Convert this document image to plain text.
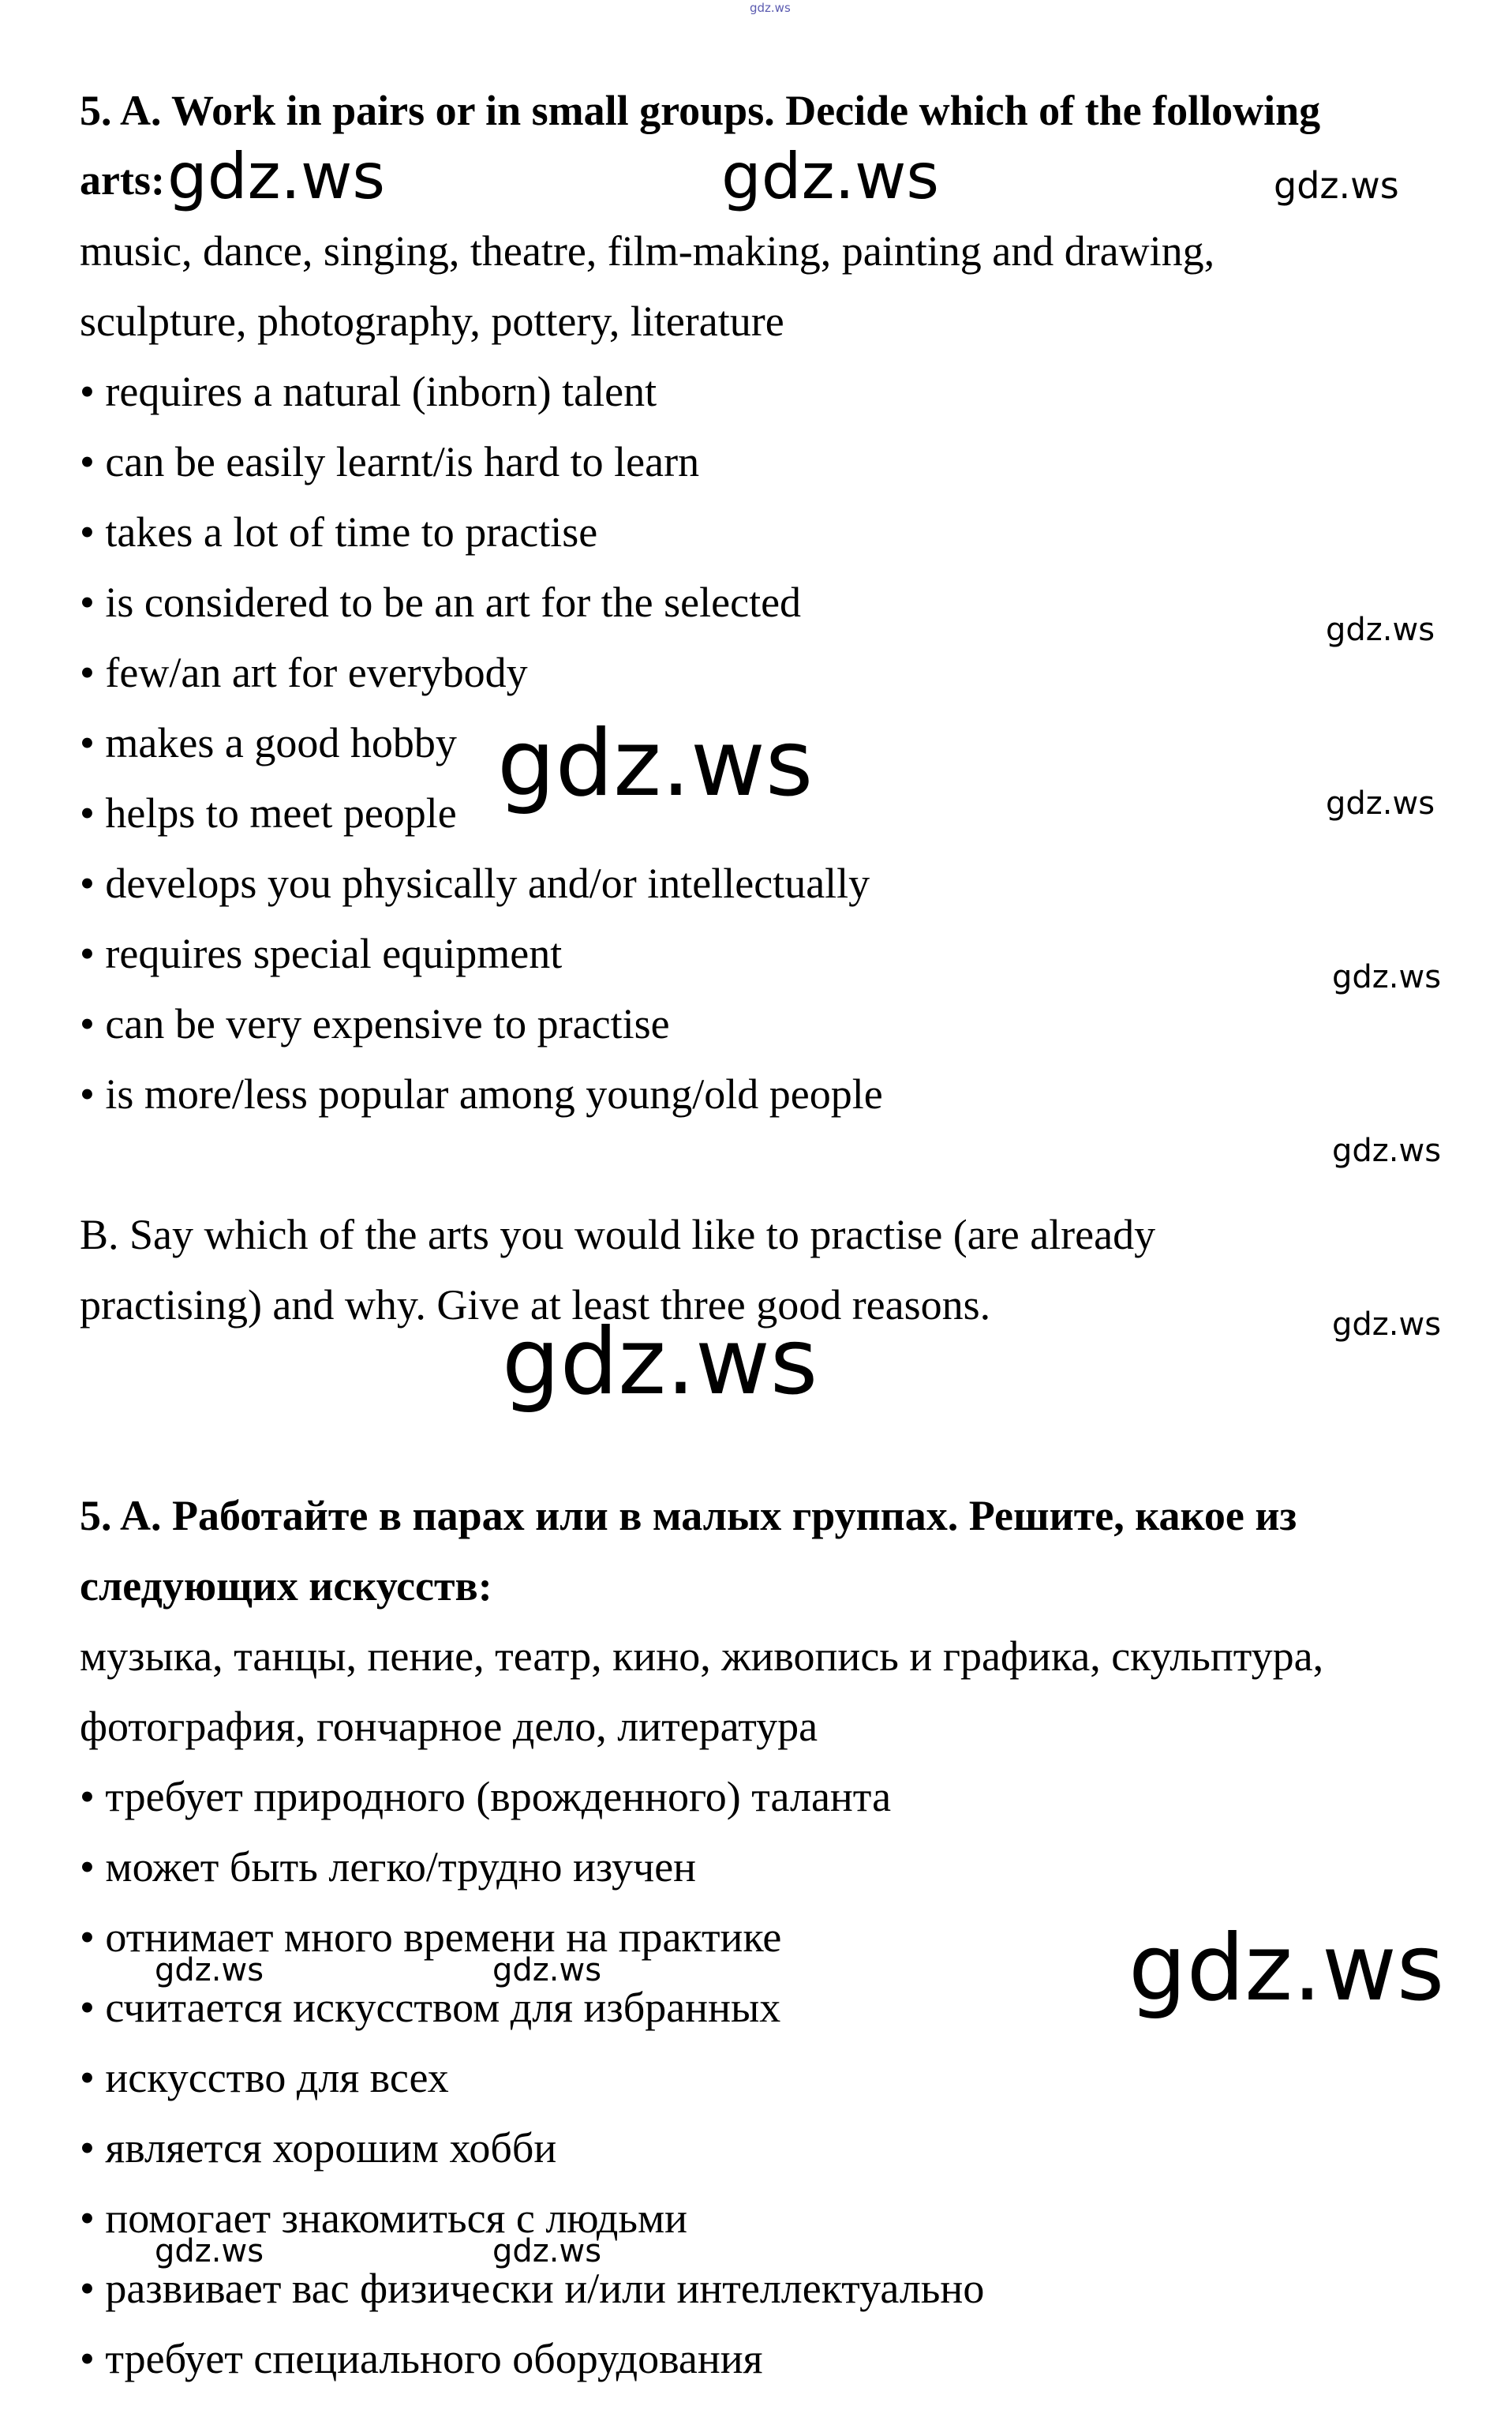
gdz.ws

5. A. Work in pairs or in small groups. Decide which of the following

arts:

music, dance, singing, theatre, film-making, painting and drawing,

sculpture, photography, pottery, literature

• requires a natural (inborn) talent

• can be easily learnt/is hard to learn

• takes a lot of time to practise

• is considered to be an art for the selected

• few/an art for everybody

• makes a good hobby

• helps to meet people

• develops you physically and/or intellectually

• requires special equipment

• can be very expensive to practise

• is more/less popular among young/old people

B. Say which of the arts you would like to practise (are already

practising) and why. Give at least three good reasons.

5. A. Работайте в парах или в малых группах. Решите, какое из

следующих искусств:

музыка, танцы, пение, театр, кино, живопись и графика, скульптура,

фотография, гончарное дело, литература

• требует природного (врожденного) таланта

• может быть легко/трудно изучен

• отнимает много времени на практике

• считается искусством для избранных

• искусство для всех

• является хорошим хобби

• помогает знакомиться с людьми

• развивает вас физически и/или интеллектуально

• требует специального оборудования

gdz.ws	gdz.ws	gdz.ws
gdz.ws
gdz.ws	gdz.ws
gdz.ws
gdz.ws
gdz.ws
gdz.ws
gdz.ws
gdz.ws	gdz.ws
gdz.ws	gdz.ws
